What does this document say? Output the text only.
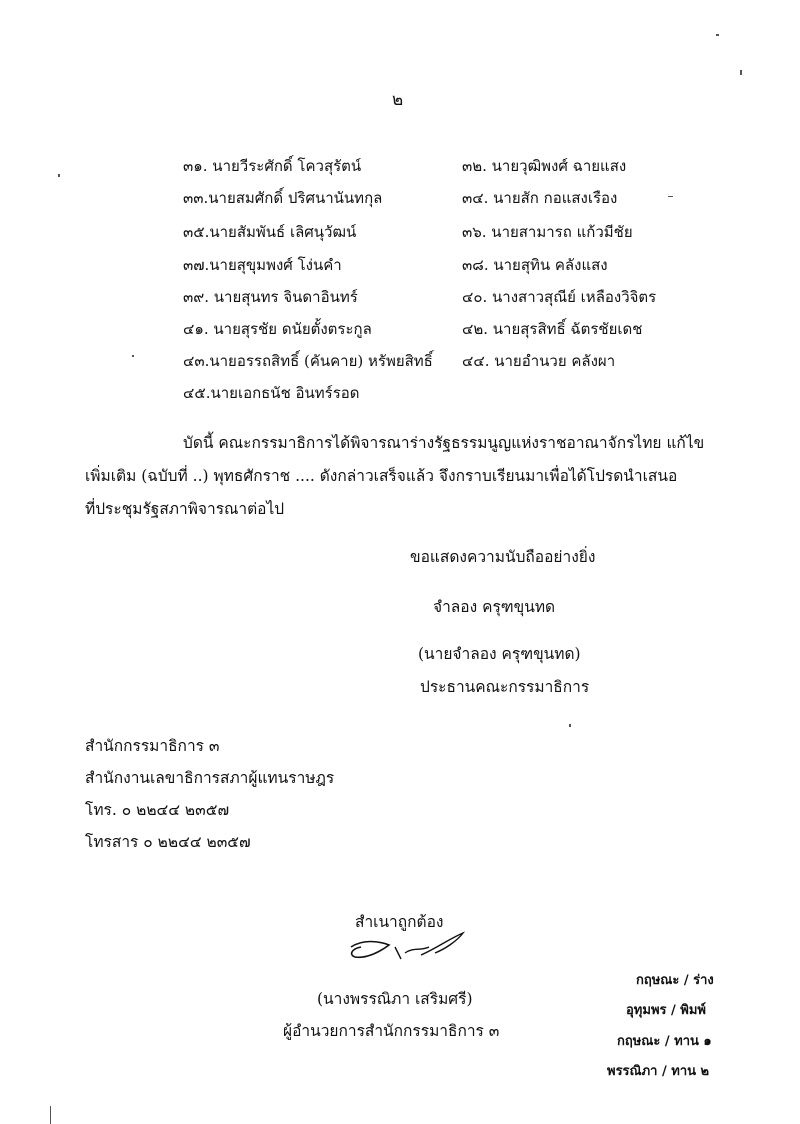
๒
๓๑. นายวีระศักดิ์ โควสุรัตน์	๓๒. นายวุฒิพงศ์ ฉายแสง
๓๓.นายสมศักดิ์ ปริศนานันทกุล	๓๔. นายสัก กอแสงเรือง
๓๕.นายสัมพันธ์ เลิศนุวัฒน์	๓๖. นายสามารถ แก้วมีชัย
๓๗.นายสุขุมพงศ์ โง่นคำ	๓๘. นายสุทิน คลังแสง
๓๙. นายสุนทร จินดาอินทร์	๔๐. นางสาวสุณีย์ เหลืองวิจิตร
๔๑. นายสุรชัย ดนัยตั้งตระกูล	๔๒. นายสุรสิทธิ์ ฉัตรชัยเดช
๔๓.นายอรรถสิทธิ์ (คันคาย) หรัพยสิทธิ์ ๔๔. นายอำนวย คลังผา
๔๕.นายเอกธนัช อินทร์รอด
บัดนี้ คณะกรรมาธิการได้พิจารณาร่างรัฐธรรมนูญแห่งราชอาณาจักรไทย แก้ไข
เพิ่มเติม (ฉบับที่ ..) พุทธศักราช .... ดังกล่าวเสร็จแล้ว จึงกราบเรียนมาเพื่อได้โปรดนำเสนอ
ที่ประชุมรัฐสภาพิจารณาต่อไป
ขอแสดงความนับถืออย่างยิ่ง
จำลอง ครุฑขุนทด
(นายจำลอง ครุฑขุนทด)
ประธานคณะกรรมาธิการ
สำนักกรรมาธิการ ๓
สำนักงานเลขาธิการสภาผู้แทนราษฎร
โทร. ๐ ๒๒๔๔ ๒๓๕๗
โทรสาร ๐ ๒๒๔๔ ๒๓๕๗
สำเนาถูกต้อง
(นางพรรณิภา เสริมศรี)
ผู้อำนวยการสำนักกรรมาธิการ ๓
กฤษณะ / ร่าง
อุทุมพร / พิมพ์
กฤษณะ / ทาน ๑
พรรณิภา / ทาน ๒
